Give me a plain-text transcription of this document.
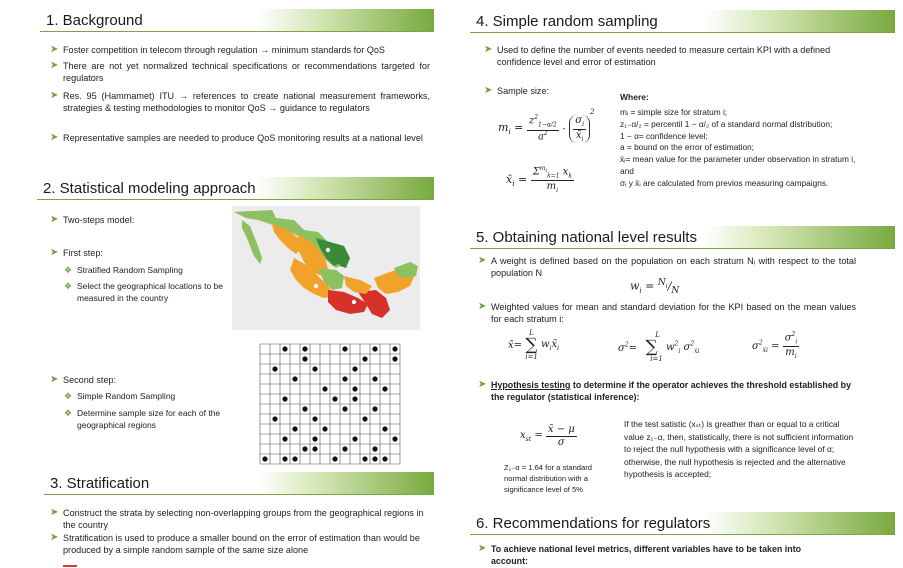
1. Background
➤ Foster competition in telecom through regulation → minimum standards for QoS
➤ There are not yet normalized technical specifications or recommendations targeted for regulators
➤ Res. 95 (Hammamet) ITU → references to create national measurement frameworks, strategies & testing methodologies to monitor QoS → guidance to regulators
➤ Representative samples are needed to produce QoS monitoring results at a national level
2. Statistical modeling approach
➤ Two-steps model:
➤ First step:
❖ Stratified Random Sampling
❖ Select the geographical locations to be measured in the country
➤ Second step:
❖ Simple Random Sampling
❖ Determine sample size for each of the geographical regions
3. Stratification
➤ Construct the strata by selecting non-overlapping groups from the geographical regions in the country
➤ Stratification is used to produce a smaller bound on the error of estimation than would be produced by a simple random sample of the same size alone
4. Simple random sampling
➤ Used to define the number of events needed to measure certain KPI with a defined confidence level and error of estimation
➤ Sample size:
$m_i = \frac{z^2_{1-\alpha/2}}{a^2} \cdot \frac{\sigma_i}{x̄_i}$
$^2$
$x̄_i = \frac{\Sigma^{m_i}_{k=1} x_k}{m_i}$
Where:
mᵢ = simple size for stratum i;
z₁₋α/₂ = percentil 1 − α/₂ of a standard normal distribution;
1 − α= confidence level;
a = bound on the error of estimation;
x̄ᵢ= mean value for the parameter under observation in stratum i, and
σᵢ y x̄ᵢ are calculated from previos measuring campaigns.
5. Obtaining national level results
➤ A weight is defined based on the population on each stratum Nᵢ with respect to the total population N
$w_i = ^{N_i}/_N$
➤ Weighted values for mean and standard deviation for the KPI based on the mean values for each stratum i:
x̄=
L
∑
i=1
$w_ix̄_i$	$\sigma^2=$
L
∑
i=1
$w^2_i$ $\sigma^2_{x̄i}$	$\sigma^2_{x̄i} = \frac{\sigma^2_i}{m_i}$
➤ Hypothesis testing to determine if the operator achieves the threshold established by the regulator (statistical inference):
$x_{st} = \frac{x̄ - \mu}{\sigma}$
Z₁₋α = 1.64 for a standard normal distribution with a significance level of 5%
If the test satistic (xₛₜ) is greather than or equal to a critical value z₁₋α, then, statistically, there is not sufficient information to reject the null hypothesis with a significance level of α; otherwise, the null hypothesis is rejected and the alternative hypothesis is accepted;
6. Recommendations for regulators
➤ To achieve national level metrics, different variables have to be taken into account:
